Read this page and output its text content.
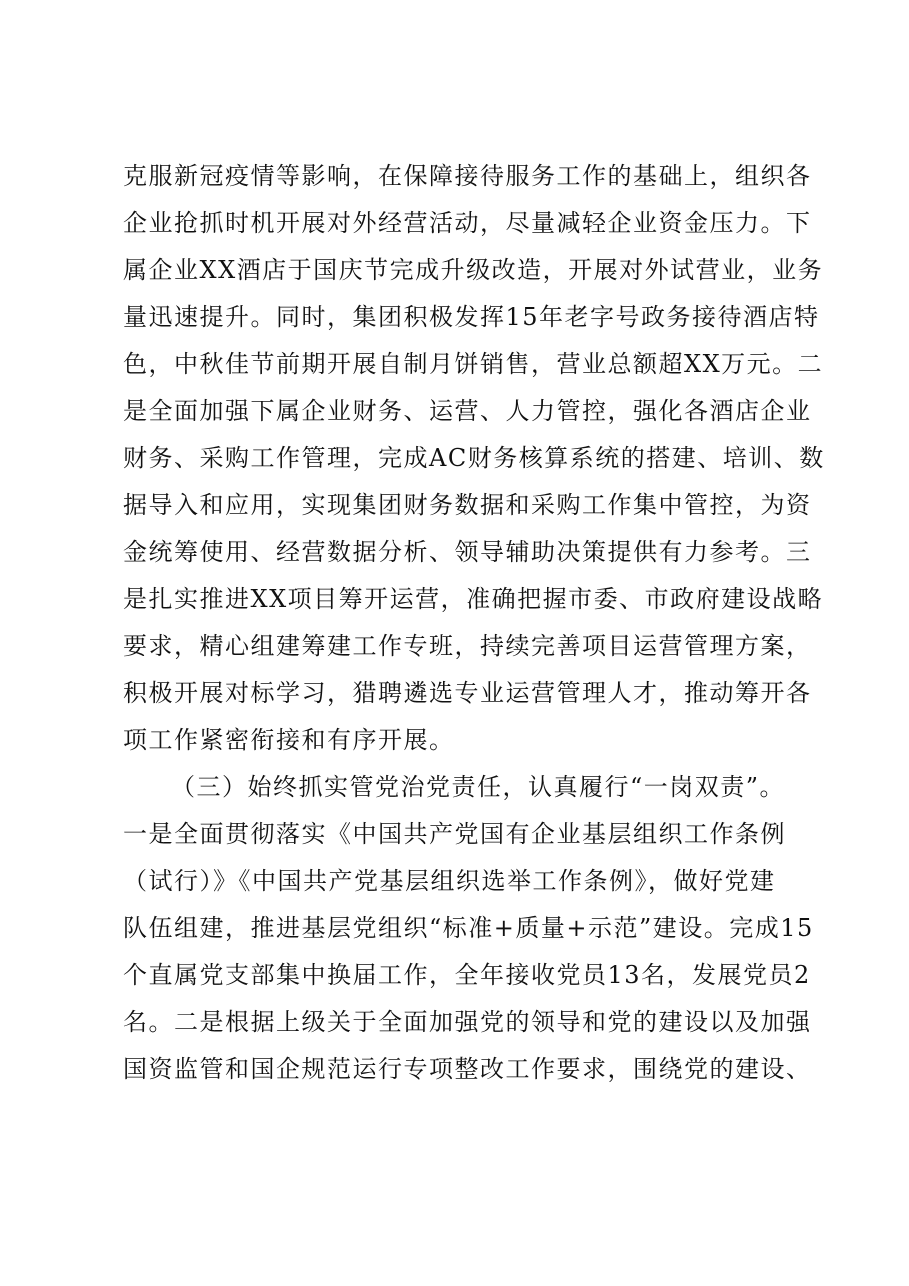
克服新冠疫情等影响，在保障接待服务工作的基础上，组织各
企业抢抓时机开展对外经营活动，尽量减轻企业资金压力。下
属企业XX酒店于国庆节完成升级改造，开展对外试营业，业务
量迅速提升。同时，集团积极发挥15年老字号政务接待酒店特
色，中秋佳节前期开展自制月饼销售，营业总额超XX万元。二
是全面加强下属企业财务、运营、人力管控，强化各酒店企业
财务、采购工作管理，完成AC财务核算系统的搭建、培训、数
据导入和应用，实现集团财务数据和采购工作集中管控，为资
金统筹使用、经营数据分析、领导辅助决策提供有力参考。三
是扎实推进XX项目筹开运营，准确把握市委、市政府建设战略
要求，精心组建筹建工作专班，持续完善项目运营管理方案，
积极开展对标学习，猎聘遴选专业运营管理人才，推动筹开各
项工作紧密衔接和有序开展。
（三）始终抓实管党治党责任，认真履行“一岗双责”。
一是全面贯彻落实《中国共产党国有企业基层组织工作条例
（试行）》《中国共产党基层组织选举工作条例》，做好党建
队伍组建，推进基层党组织“标准+质量+示范”建设。完成15
个直属党支部集中换届工作，全年接收党员13名，发展党员2
名。二是根据上级关于全面加强党的领导和党的建设以及加强
国资监管和国企规范运行专项整改工作要求，围绕党的建设、
